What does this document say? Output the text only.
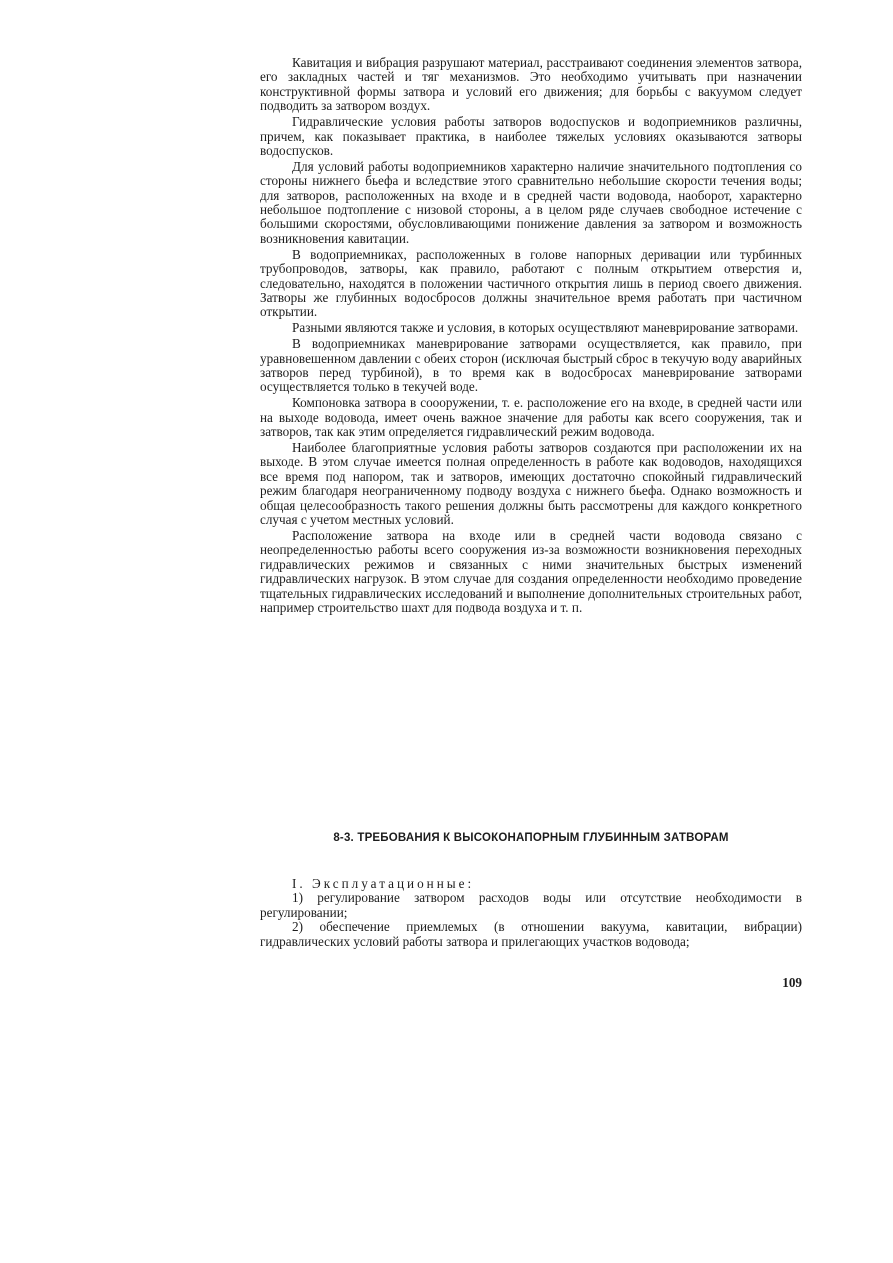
Кавитация и вибрация разрушают материал, расстраивают соединения элементов затвора, его закладных частей и тяг механизмов. Это необходимо учитывать при назначении конструктивной формы затвора и условий его движения; для борьбы с вакуумом следует подводить за затвором воздух.

Гидравлические условия работы затворов водоспусков и водоприемников различны, причем, как показывает практика, в наиболее тяжелых условиях оказываются затворы водоспусков.

Для условий работы водоприемников характерно наличие значительного подтопления со стороны нижнего бьефа и вследствие этого сравнительно небольшие скорости течения воды; для затворов, расположенных на входе и в средней части водовода, наоборот, характерно небольшое подтопление с низовой стороны, а в целом ряде случаев свободное истечение с большими скоростями, обусловливающими понижение давления за затвором и возможность возникновения кавитации.

В водоприемниках, расположенных в голове напорных деривации или турбинных трубопроводов, затворы, как правило, работают с полным открытием отверстия и, следовательно, находятся в положении частичного открытия лишь в период своего движения. Затворы же глубинных водосбросов должны значительное время работать при частичном открытии.

Разными являются также и условия, в которых осуществляют маневрирование затворами.

В водоприемниках маневрирование затворами осуществляется, как правило, при уравновешенном давлении с обеих сторон (исключая быстрый сброс в текучую воду аварийных затворов перед турбиной), в то время как в водосбросах маневрирование затворами осуществляется только в текучей воде.

Компоновка затвора в соооружении, т. е. расположение его на входе, в средней части или на выходе водовода, имеет очень важное значение для работы как всего сооружения, так и затворов, так как этим определяется гидравлический режим водовода.

Наиболее благоприятные условия работы затворов создаются при расположении их на выходе. В этом случае имеется полная определенность в работе как водоводов, находящихся все время под напором, так и затворов, имеющих достаточно спокойный гидравлический режим благодаря неограниченному подводу воздуха с нижнего бьефа. Однако возможность и общая целесообразность такого решения должны быть рассмотрены для каждого конкретного случая с учетом местных условий.

Расположение затвора на входе или в средней части водовода связано с неопределенностью работы всего сооружения из-за возможности возникновения переходных гидравлических режимов и связанных с ними значительных быстрых изменений гидравлических нагрузок. В этом случае для создания определенности необходимо проведение тщательных гидравлических исследований и выполнение дополнительных строительных работ, например строительство шахт для подвода воздуха и т. п.

8-3. ТРЕБОВАНИЯ К ВЫСОКОНАПОРНЫМ ГЛУБИННЫМ ЗАТВОРАМ

I. Эксплуатационные:

1) регулирование затвором расходов воды или отсутствие необходимости в регулировании;

2) обеспечение приемлемых (в отношении вакуума, кавитации, вибрации) гидравлических условий работы затвора и прилегающих участков водовода;

109
